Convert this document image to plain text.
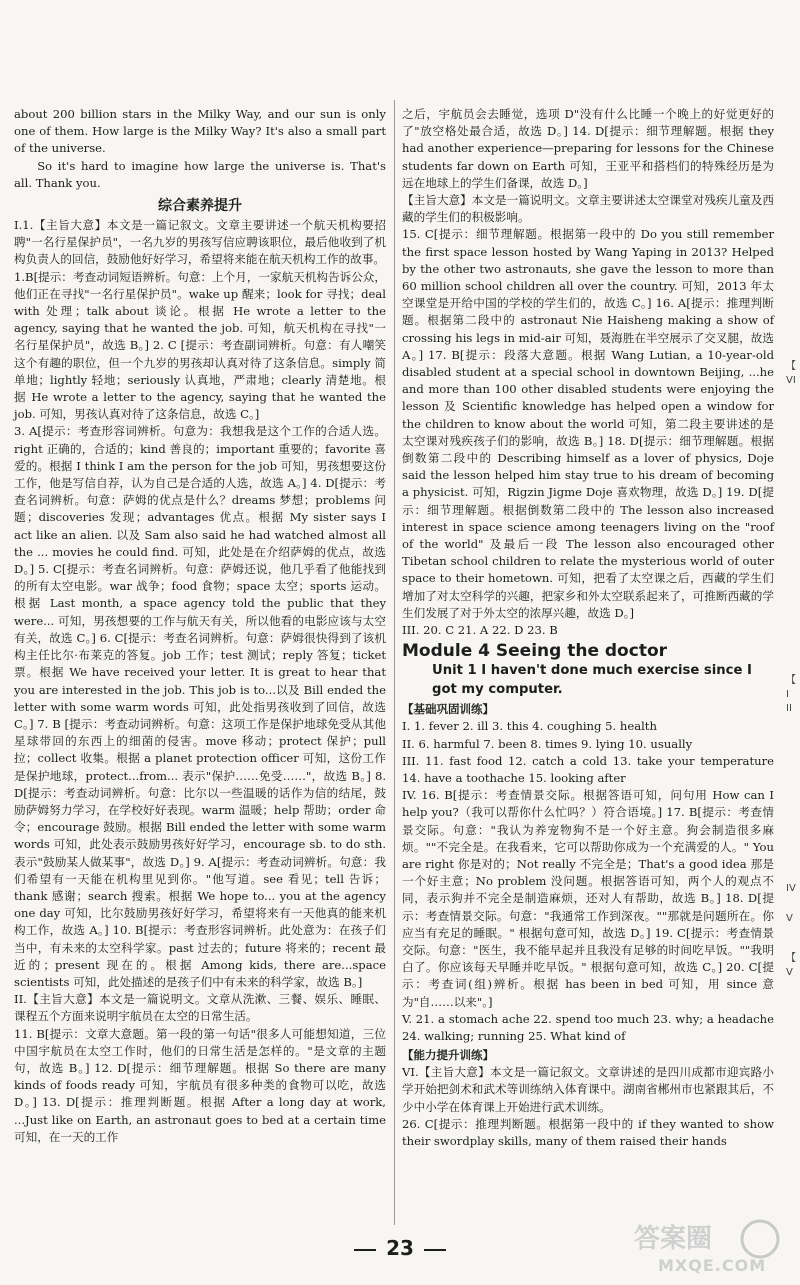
about 200 billion stars in the Milky Way, and our sun is only one of them. How large is the Milky Way? It's also a small part of the universe.

So it's hard to imagine how large the universe is. That's all. Thank you.

综合素养提升

I.1.【主旨大意】本文是一篇记叙文。文章主要讲述一个航天机构要招聘"一名行星保护员"，一名九岁的男孩写信应聘该职位，最后他收到了机构负责人的回信，鼓励他好好学习，希望将来能在航天机构工作的故事。

1.B[提示：考查动词短语辨析。句意：上个月，一家航天机构告诉公众，他们正在寻找"一名行星保护员"。wake up 醒来；look for 寻找；deal with 处理；talk about 谈论。根据 He wrote a letter to the agency, saying that he wanted the job. 可知，航天机构在寻找"一名行星保护员"，故选 B。] 2. C [提示：考查副词辨析。句意：有人嘲笑这个有趣的职位，但一个九岁的男孩却认真对待了这条信息。simply 简单地；lightly 轻地；seriously 认真地，严肃地；clearly 清楚地。根据 He wrote a letter to the agency, saying that he wanted the job. 可知，男孩认真对待了这条信息，故选 C。]

3. A[提示：考查形容词辨析。句意为：我想我是这个工作的合适人选。right 正确的，合适的；kind 善良的；important 重要的；favorite 喜爱的。根据 I think I am the person for the job 可知，男孩想要这份工作，他是写信自荐，认为自己是合适的人选，故选 A。] 4. D[提示：考查名词辨析。句意：萨姆的优点是什么？dreams 梦想；problems 问题；discoveries 发现；advantages 优点。根据 My sister says I act like an alien. 以及 Sam also said he had watched almost all the ... movies he could find. 可知，此处是在介绍萨姆的优点，故选 D。] 5. C[提示：考查名词辨析。句意：萨姆还说，他几乎看了他能找到的所有太空电影。war 战争；food 食物；space 太空；sports 运动。根据 Last month, a space agency told the public that they were... 可知，男孩想要的工作与航天有关，所以他看的电影应该与太空有关，故选 C。] 6. C[提示：考查名词辨析。句意：萨姆很快得到了该机构主任比尔·布莱克的答复。job 工作；test 测试；reply 答复；ticket 票。根据 We have received your letter. It is great to hear that you are interested in the job. This job is to...以及 Bill ended the letter with some warm words 可知，此处指男孩收到了回信，故选 C。] 7. B [提示：考查动词辨析。句意：这项工作是保护地球免受从其他星球带回的东西上的细菌的侵害。move 移动；protect 保护；pull 拉；collect 收集。根据 a planet protection officer 可知，这份工作是保护地球，protect...from... 表示"保护……免受……"，故选 B。] 8. D[提示：考查动词辨析。句意：比尔以一些温暖的话作为信的结尾，鼓励萨姆努力学习，在学校好好表现。warm 温暖；help 帮助；order 命令；encourage 鼓励。根据 Bill ended the letter with some warm words 可知，此处表示鼓励男孩好好学习，encourage sb. to do sth. 表示"鼓励某人做某事"，故选 D。] 9. A[提示：考查动词辨析。句意：我们希望有一天能在机构里见到你。"他写道。see 看见；tell 告诉；thank 感谢；search 搜索。根据 We hope to... you at the agency one day 可知，比尔鼓励男孩好好学习，希望将来有一天他真的能来机构工作，故选 A。] 10. B[提示：考查形容词辨析。此处意为：在孩子们当中，有未来的太空科学家。past 过去的；future 将来的；recent 最近的；present 现在的。根据 Among kids, there are...space scientists 可知，此处描述的是孩子们中有未来的科学家，故选 B。]

II.【主旨大意】本文是一篇说明文。文章从洗漱、三餐、娱乐、睡眠、课程五个方面来说明宇航员在太空的日常生活。

11. B[提示：文章大意题。第一段的第一句话"很多人可能想知道，三位中国宇航员在太空工作时，他们的日常生活是怎样的。"是文章的主题句，故选 B。] 12. D[提示：细节理解题。根据 So there are many kinds of foods ready 可知，宇航员有很多种类的食物可以吃，故选 D。] 13. D[提示：推理判断题。根据 After a long day at work, ...Just like on Earth, an astronaut goes to bed at a certain time 可知，在一天的工作

之后，宇航员会去睡觉，选项 D"没有什么比睡一个晚上的好觉更好的了"放空格处最合适，故选 D。] 14. D[提示：细节理解题。根据 they had another experience—preparing for lessons for the Chinese students far down on Earth 可知，王亚平和搭档们的特殊经历是为远在地球上的学生们备课，故选 D。]

【主旨大意】本文是一篇说明文。文章主要讲述太空课堂对残疾儿童及西藏的学生们的积极影响。

15. C[提示：细节理解题。根据第一段中的 Do you still remember the first space lesson hosted by Wang Yaping in 2013? Helped by the other two astronauts, she gave the lesson to more than 60 million school children all over the country. 可知，2013 年太空课堂是开给中国的学校的学生们的，故选 C。] 16. A[提示：推理判断题。根据第二段中的 astronaut Nie Haisheng making a show of crossing his legs in mid-air 可知，聂海胜在半空展示了交叉腿，故选 A。] 17. B[提示：段落大意题。根据 Wang Lutian, a 10-year-old disabled student at a special school in downtown Beijing, ...he and more than 100 other disabled students were enjoying the lesson 及 Scientific knowledge has helped open a window for the children to know about the world 可知，第二段主要讲述的是太空课对残疾孩子们的影响，故选 B。] 18. D[提示：细节理解题。根据倒数第二段中的 Describing himself as a lover of physics, Doje said the lesson helped him stay true to his dream of becoming a physicist. 可知，Rigzin Jigme Doje 喜欢物理，故选 D。] 19. D[提示：细节理解题。根据倒数第二段中的 The lesson also increased interest in space science among teenagers living on the "roof of the world" 及最后一段 The lesson also encouraged other Tibetan school children to relate the mysterious world of outer space to their hometown. 可知，把看了太空课之后，西藏的学生们增加了对太空科学的兴趣，把家乡和外太空联系起来了，可推断西藏的学生们发展了对于外太空的浓厚兴趣，故选 D。]

III. 20. C 21. A 22. D 23. B

Module 4 Seeing the doctor
Unit 1 I haven't done much exercise since I got my computer.
【基础巩固训练】

I. 1. fever 2. ill 3. this 4. coughing 5. health

II. 6. harmful 7. been 8. times 9. lying 10. usually

III. 11. fast food 12. catch a cold 13. take your temperature 14. have a toothache 15. looking after

IV. 16. B[提示：考查情景交际。根据答语可知，问句用 How can I help you?（我可以帮你什么忙吗？）符合语境。] 17. B[提示：考查情景交际。句意："我认为养宠物狗不是一个好主意。狗会制造很多麻烦。""不完全是。在我看来，它可以帮助你成为一个充满爱的人。" You are right 你是对的；Not really 不完全是；That's a good idea 那是一个好主意；No problem 没问题。根据答语可知，两个人的观点不同，表示狗并不完全是制造麻烦，还对人有帮助，故选 B。] 18. D[提示：考查情景交际。句意："我通常工作到深夜。""那就是问题所在。你应当有充足的睡眠。" 根据句意可知，故选 D。] 19. C[提示：考查情景交际。句意："医生，我不能早起并且我没有足够的时间吃早饭。""我明白了。你应该每天早睡并吃早饭。" 根据句意可知，故选 C。] 20. C[提示：考查词(组)辨析。根据 has been in bed 可知，用 since 意为"自……以来"。]

V. 21. a stomach ache 22. spend too much 23. why; a headache 24. walking; running 25. What kind of

【能力提升训练】

VI.【主旨大意】本文是一篇记叙文。文章讲述的是四川成都市迎宾路小学开始把剑术和武术等训练纳入体育课中。湖南省郴州市也紧跟其后，不少中小学在体育课上开始进行武术训练。

26. C[提示：推理判断题。根据第一段中的 if they wanted to show their swordplay skills, many of them raised their hands

【
VI
【
I
II
IV
V
【
V
23	答案圈
MXQE.COM
